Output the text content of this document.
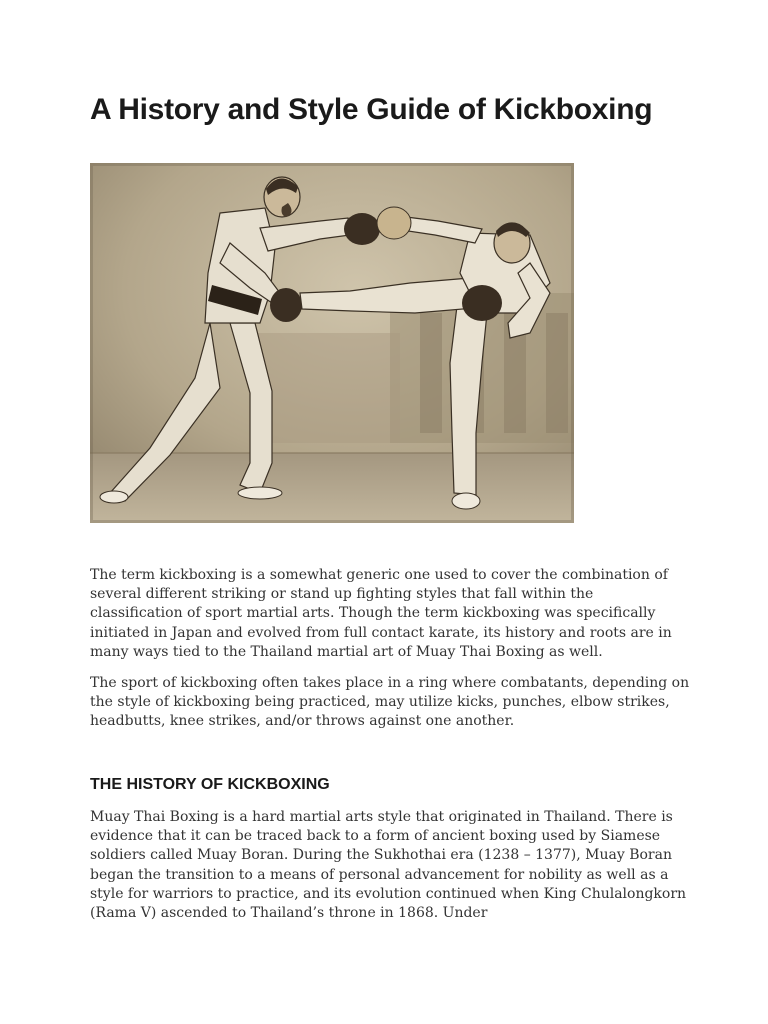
A History and Style Guide of Kickboxing

The term kickboxing is a somewhat generic one used to cover the combination of several different striking or stand up fighting styles that fall within the classification of sport martial arts. Though the term kickboxing was specifically initiated in Japan and evolved from full contact karate, its history and roots are in many ways tied to the Thailand martial art of Muay Thai Boxing as well.

The sport of kickboxing often takes place in a ring where combatants, depending on the style of kickboxing being practiced, may utilize kicks, punches, elbow strikes, headbutts, knee strikes, and/or throws against one another.

THE HISTORY OF KICKBOXING

Muay Thai Boxing is a hard martial arts style that originated in Thailand. There is evidence that it can be traced back to a form of ancient boxing used by Siamese soldiers called Muay Boran. During the Sukhothai era (1238 – 1377), Muay Boran began the transition to a means of personal advancement for nobility as well as a style for warriors to practice, and its evolution continued when King Chulalongkorn (Rama V) ascended to Thailand’s throne in 1868. Under
